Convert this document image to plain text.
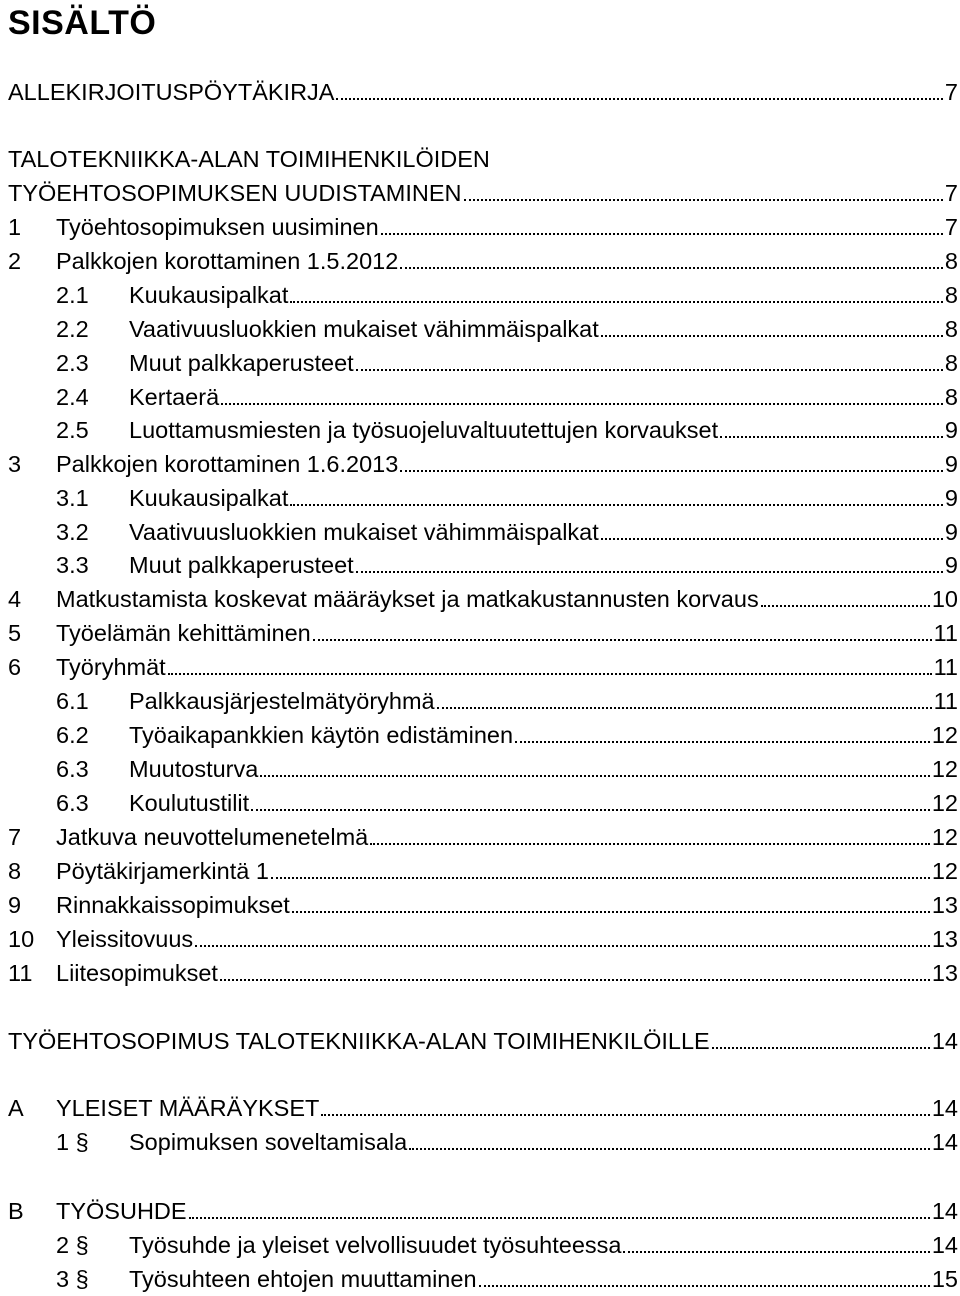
SISÄLTÖ
ALLEKIRJOITUSPÖYTÄKIRJA	7
TALOTEKNIIKKA-ALAN TOIMIHENKILÖIDEN
TYÖEHTOSOPIMUKSEN UUDISTAMINEN	7
1	Työehtosopimuksen uusiminen	7
2	Palkkojen korottaminen 1.5.2012	8
2.1	Kuukausipalkat	8
2.2	Vaativuusluokkien mukaiset vähimmäispalkat	8
2.3	Muut palkkaperusteet	8
2.4	Kertaerä	8
2.5	Luottamusmiesten ja työsuojeluvaltuutettujen korvaukset	9
3	Palkkojen korottaminen 1.6.2013	9
3.1	Kuukausipalkat	9
3.2	Vaativuusluokkien mukaiset vähimmäispalkat	9
3.3	Muut palkkaperusteet	9
4	Matkustamista koskevat määräykset ja matkakustannusten korvaus	10
5	Työelämän kehittäminen	11
6	Työryhmät	11
6.1	Palkkausjärjestelmätyöryhmä	11
6.2	Työaikapankkien käytön edistäminen	12
6.3	Muutosturva	12
6.3	Koulutustilit	12
7	Jatkuva neuvottelumenetelmä	12
8	Pöytäkirjamerkintä 1	12
9	Rinnakkaissopimukset	13
10 Yleissitovuus	13
11	Liitesopimukset	13
TYÖEHTOSOPIMUS TALOTEKNIIKKA-ALAN TOIMIHENKILÖILLE	14
A	YLEISET MÄÄRÄYKSET	14
1 §	Sopimuksen soveltamisala	14
B	TYÖSUHDE	14
2 §	Työsuhde ja yleiset velvollisuudet työsuhteessa	14
3 §	Työsuhteen ehtojen muuttaminen	15
